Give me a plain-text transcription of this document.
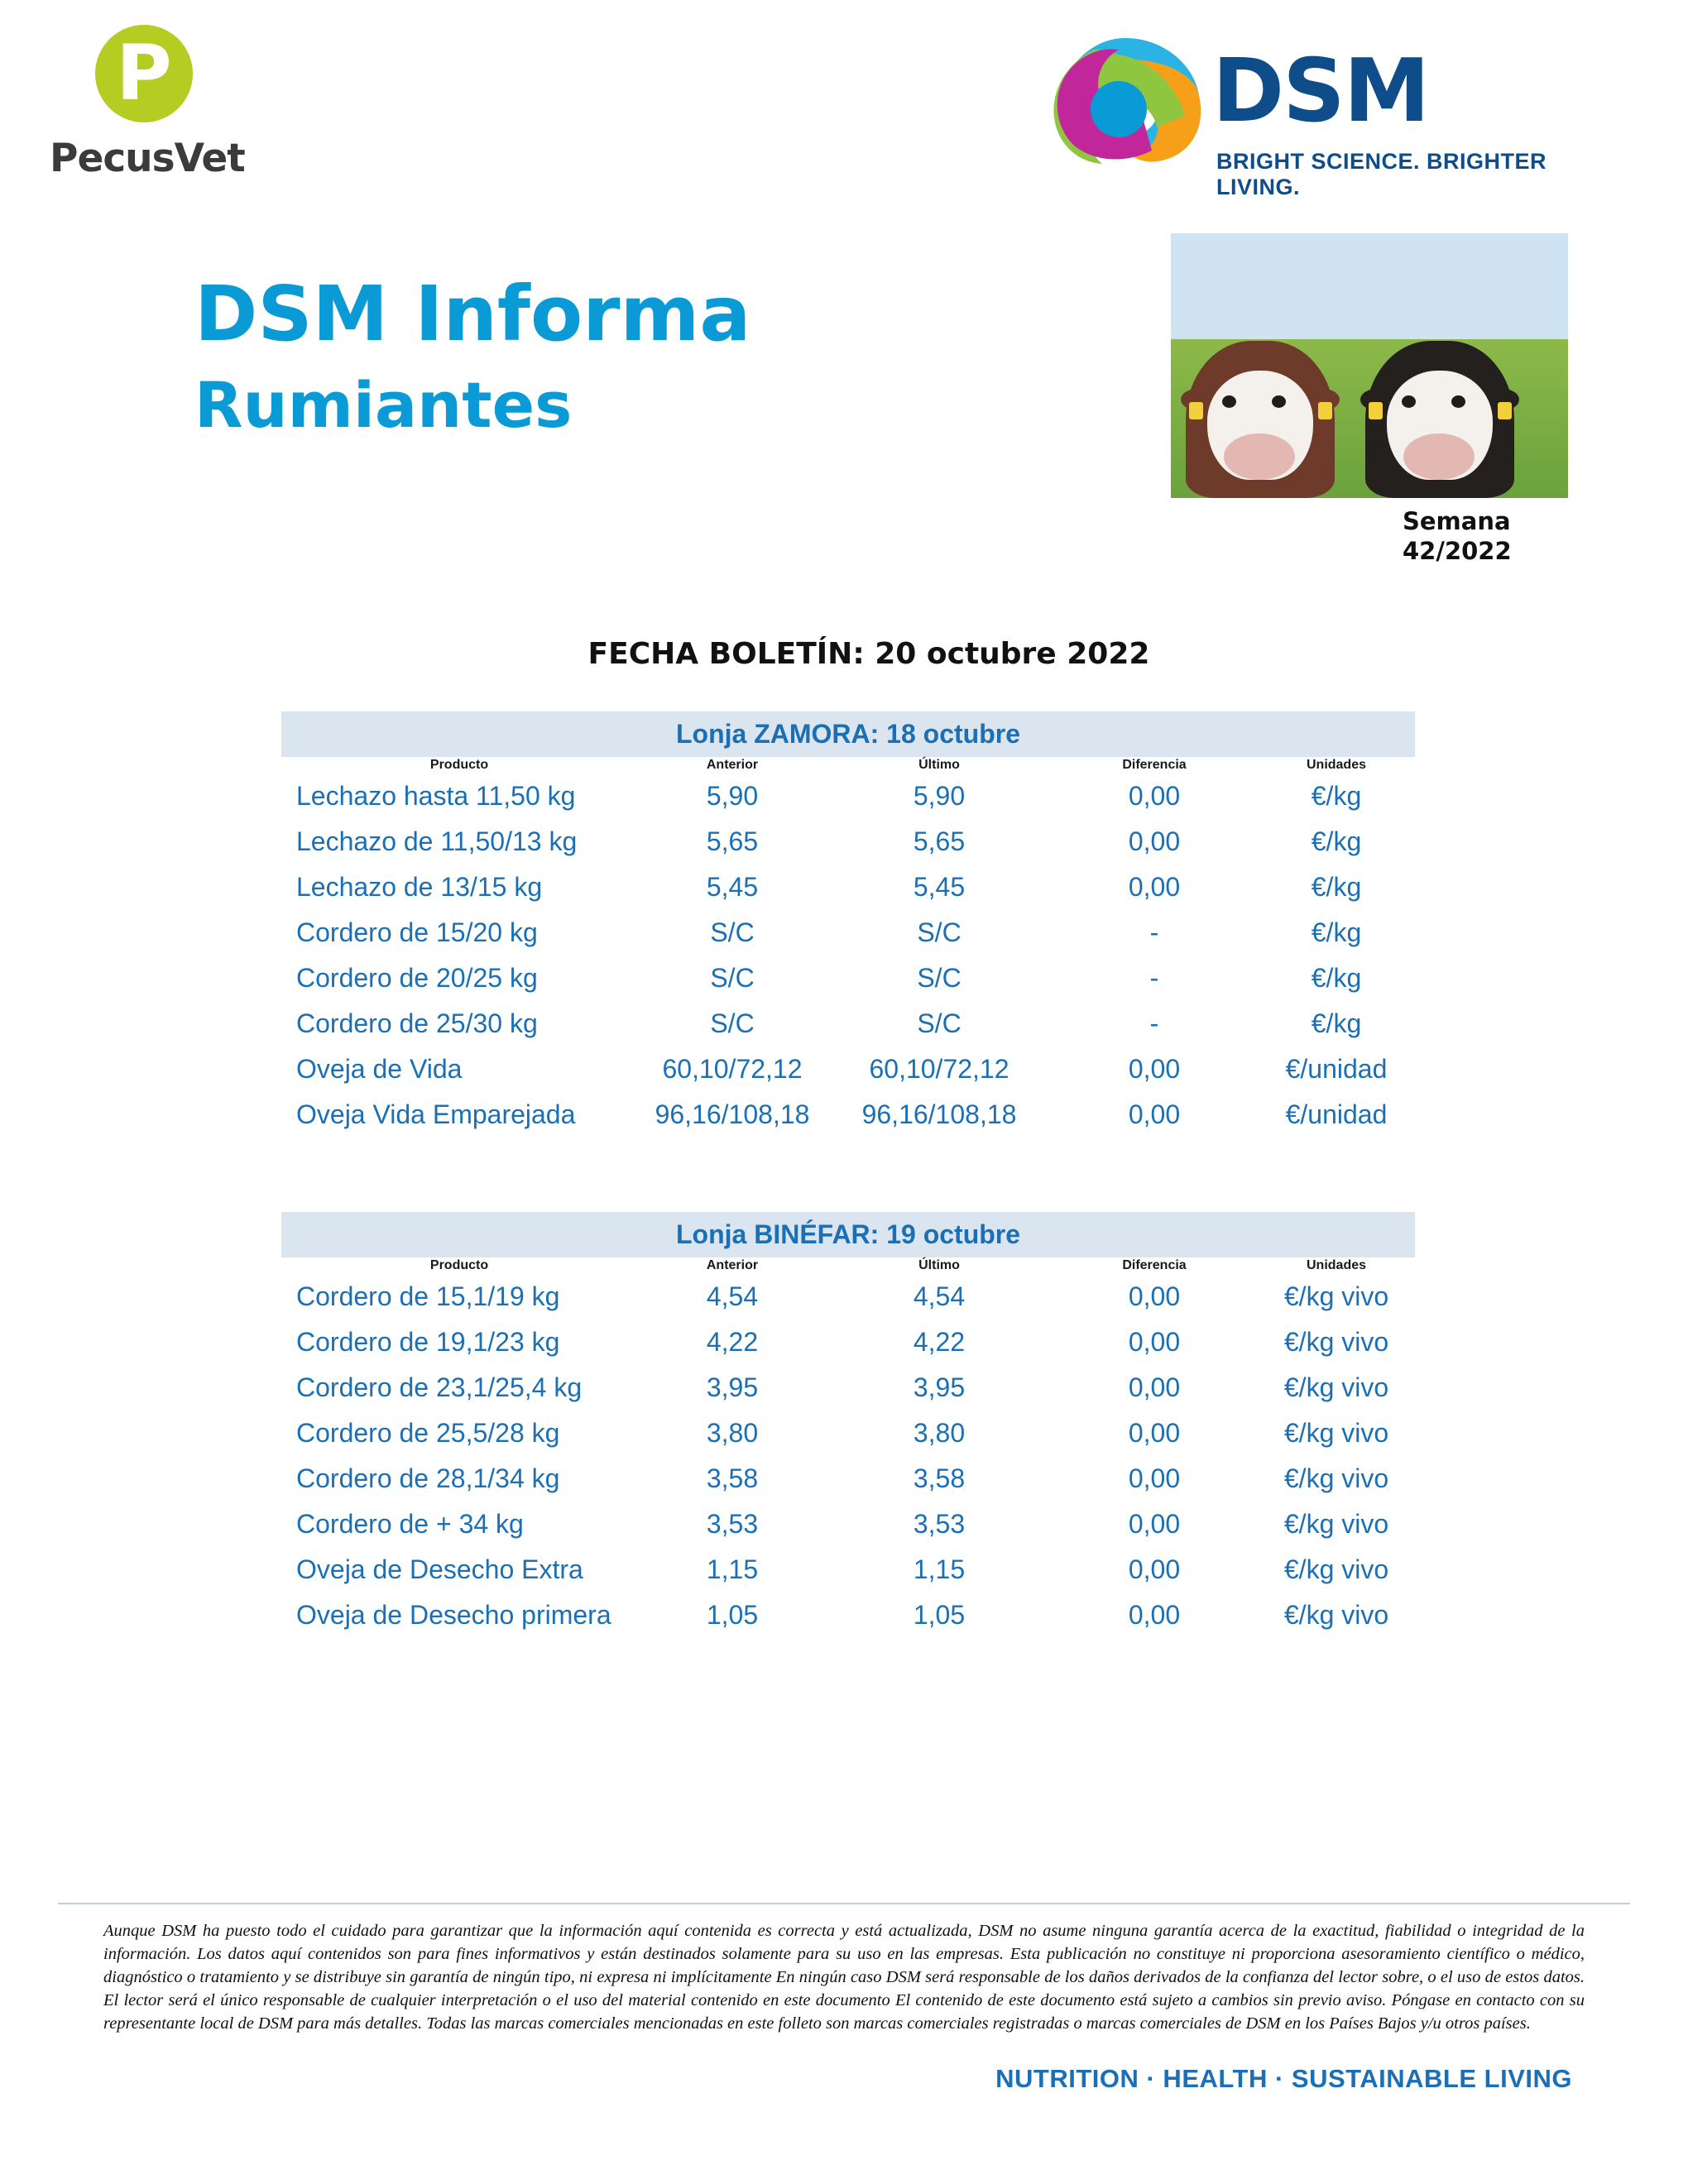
P
PecusVet
DSM
BRIGHT SCIENCE. BRIGHTER LIVING.
DSM Informa
Rumiantes
Semana
42/2022
FECHA BOLETÍN: 20 octubre 2022
Lonja ZAMORA: 18 octubre				
Producto	Anterior	Último	Diferencia	Unidades
Lechazo hasta 11,50 kg	5,90	5,90	0,00	€/kg
Lechazo de 11,50/13 kg	5,65	5,65	0,00	€/kg
Lechazo de 13/15 kg	5,45	5,45	0,00	€/kg
Cordero de 15/20 kg	S/C	S/C	-	€/kg
Cordero de 20/25 kg	S/C	S/C	-	€/kg
Cordero de 25/30 kg	S/C	S/C	-	€/kg
Oveja de Vida	60,10/72,12	60,10/72,12	0,00	€/unidad
Oveja Vida Emparejada	96,16/108,18	96,16/108,18	0,00	€/unidad
Lonja BINÉFAR: 19 octubre				
Producto	Anterior	Último	Diferencia	Unidades
Cordero de 15,1/19 kg	4,54	4,54	0,00	€/kg vivo
Cordero de 19,1/23 kg	4,22	4,22	0,00	€/kg vivo
Cordero de 23,1/25,4 kg	3,95	3,95	0,00	€/kg vivo
Cordero de 25,5/28 kg	3,80	3,80	0,00	€/kg vivo
Cordero de 28,1/34 kg	3,58	3,58	0,00	€/kg vivo
Cordero de + 34 kg	3,53	3,53	0,00	€/kg vivo
Oveja de Desecho Extra	1,15	1,15	0,00	€/kg vivo
Oveja de Desecho primera	1,05	1,05	0,00	€/kg vivo
Aunque DSM ha puesto todo el cuidado para garantizar que la información aquí contenida es correcta y está actualizada, DSM no asume ninguna garantía acerca de la exactitud, fiabilidad o integridad de la información. Los datos aquí contenidos son para fines informativos y están destinados solamente para su uso en las empresas. Esta publicación no constituye ni proporciona asesoramiento científico o médico, diagnóstico o tratamiento y se distribuye sin garantía de ningún tipo, ni expresa ni implícitamente En ningún caso DSM será responsable de los daños derivados de la confianza del lector sobre, o el uso de estos datos. El lector será el único responsable de cualquier interpretación o el uso del material contenido en este documento El contenido de este documento está sujeto a cambios sin previo aviso. Póngase en contacto con su representante local de DSM para más detalles. Todas las marcas comerciales mencionadas en este folleto son marcas comerciales registradas o marcas comerciales de DSM en los Países Bajos y/u otros países.
NUTRITION · HEALTH · SUSTAINABLE LIVING
